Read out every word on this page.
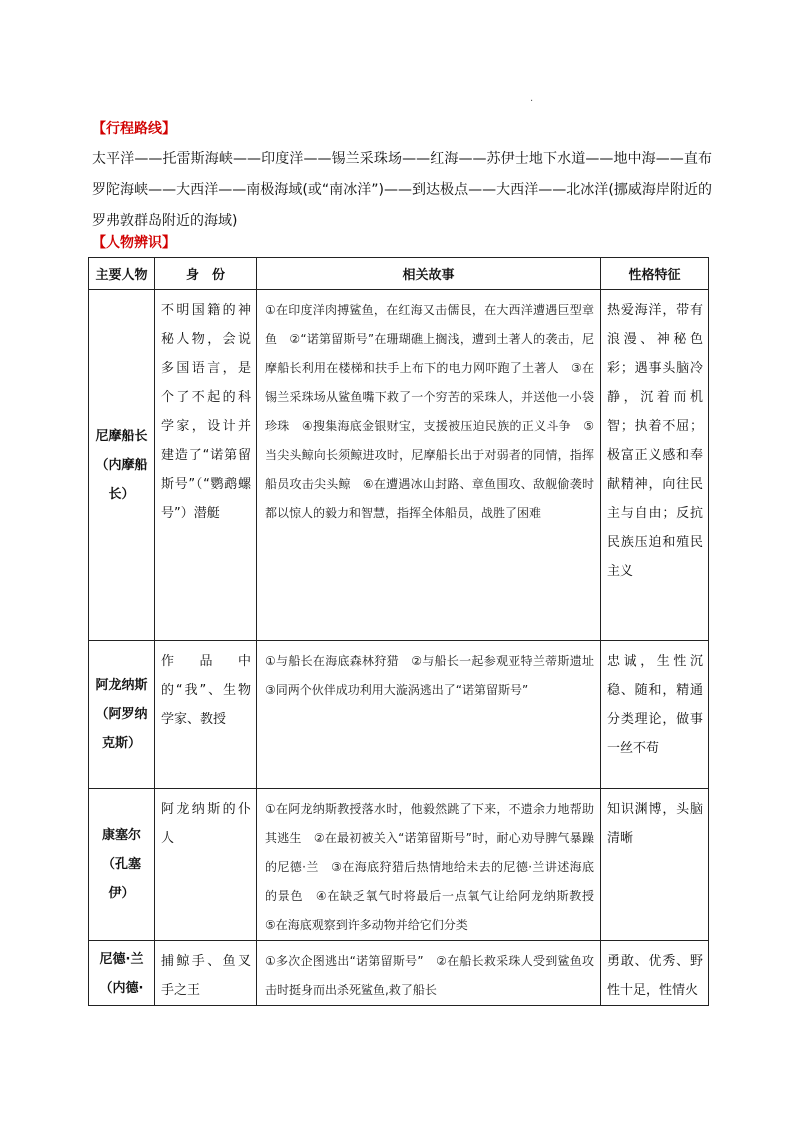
·
【行程路线】
太平洋——托雷斯海峡——印度洋——锡兰采珠场——红海——苏伊士地下水道——地中海——直布罗陀海峡——大西洋——南极海域(或“南冰洋”)——到达极点——大西洋——北冰洋(挪威海岸附近的罗弗敦群岛附近的海域)
【人物辨识】
主要人物	身　份	相关故事	性格特征
尼摩船长（内摩船长）	不明国籍的神秘人物，会说多国语言，是个了不起的科学家，设计并建造了“诺第留斯号”（“鹦鹉螺号”）潜艇	①在印度洋肉搏鲨鱼，在红海又击儒艮，在大西洋遭遇巨型章鱼　②“诺第留斯号”在珊瑚礁上搁浅，遭到土著人的袭击，尼摩船长利用在楼梯和扶手上布下的电力网吓跑了土著人　③在锡兰采珠场从鲨鱼嘴下救了一个穷苦的采珠人，并送他一小袋珍珠　④搜集海底金银财宝，支援被压迫民族的正义斗争　⑤当尖头鲸向长须鲸进攻时，尼摩船长出于对弱者的同情，指挥船员攻击尖头鲸　⑥在遭遇冰山封路、章鱼围攻、敌舰偷袭时都以惊人的毅力和智慧，指挥全体船员，战胜了困难	热爱海洋，带有浪漫、神秘色彩；遇事头脑冷静，沉着而机智；执着不屈；极富正义感和奉献精神，向往民主与自由；反抗民族压迫和殖民主义
阿龙纳斯（阿罗纳克斯）	作品中的“我”、生物学家、教授	①与船长在海底森林狩猎　②与船长一起参观亚特兰蒂斯遗址　③同两个伙伴成功利用大漩涡逃出了“诺第留斯号”	忠诚，生性沉稳、随和，精通分类理论，做事一丝不苟
康塞尔（孔塞伊）	阿龙纳斯的仆人	①在阿龙纳斯教授落水时，他毅然跳了下来，不遗余力地帮助其逃生　②在最初被关入“诺第留斯号”时，耐心劝导脾气暴躁的尼德·兰　③在海底狩猎后热情地给未去的尼德·兰讲述海底的景色　④在缺乏氧气时将最后一点氧气让给阿龙纳斯教授　⑤在海底观察到许多动物并给它们分类	知识渊博，头脑清晰
尼德·兰（内德·	捕鲸手、鱼叉手之王	①多次企图逃出“诺第留斯号”　②在船长救采珠人受到鲨鱼攻击时挺身而出杀死鲨鱼,救了船长	勇敢、优秀、野性十足，性情火
